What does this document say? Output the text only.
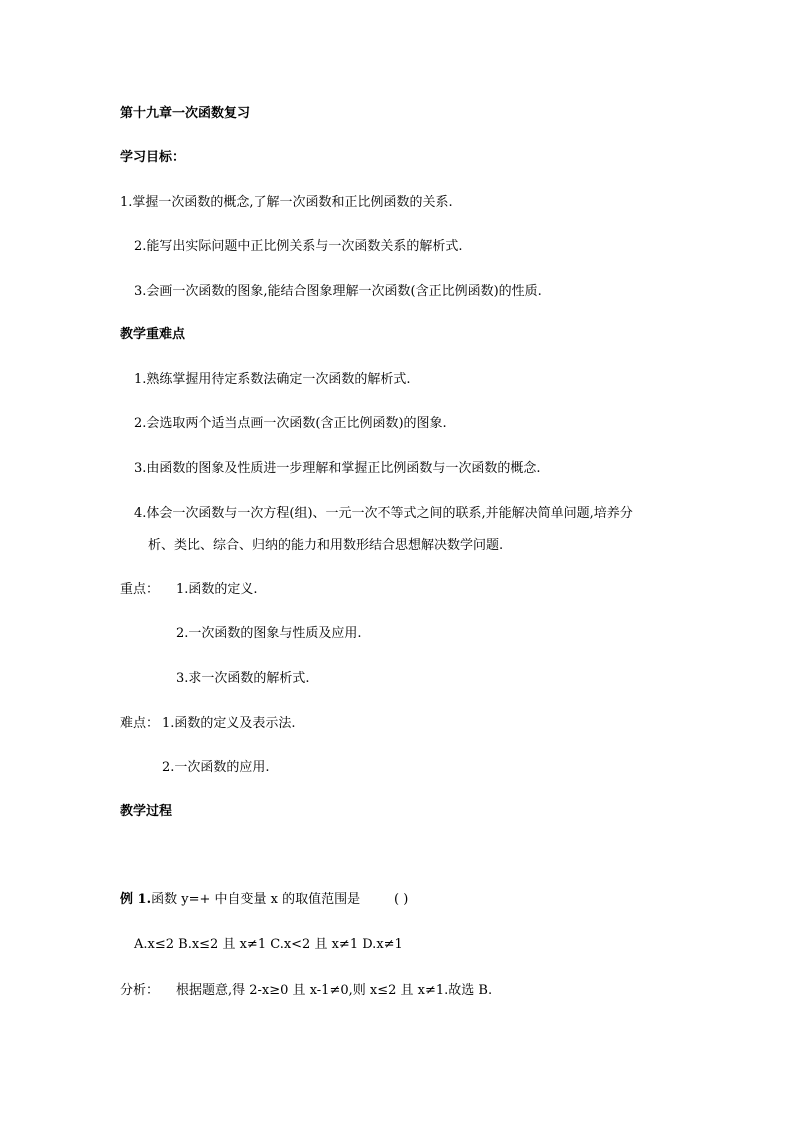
第十九章一次函数复习
学习目标：
1.掌握一次函数的概念,了解一次函数和正比例函数的关系.
2.能写出实际问题中正比例关系与一次函数关系的解析式.
3.会画一次函数的图象,能结合图象理解一次函数(含正比例函数)的性质.
教学重难点
1.熟练掌握用待定系数法确定一次函数的解析式.
2.会选取两个适当点画一次函数(含正比例函数)的图象.
3.由函数的图象及性质进一步理解和掌握正比例函数与一次函数的概念.
4.体会一次函数与一次方程(组)、一元一次不等式之间的联系,并能解决简单问题,培养分
析、类比、综合、归纳的能力和用数形结合思想解决数学问题.
重点： 1.函数的定义.
2.一次函数的图象与性质及应用.
3.求一次函数的解析式.
难点： 1.函数的定义及表示法.
2.一次函数的应用.
教学过程
例 1.函数 y=+ 中自变量 x 的取值范围是	( )
A.x≤2 B.x≤2 且 x≠1 C.x<2 且 x≠1 D.x≠1
分析： 根据题意,得 2-x≥0 且 x-1≠0,则 x≤2 且 x≠1.故选 B.
